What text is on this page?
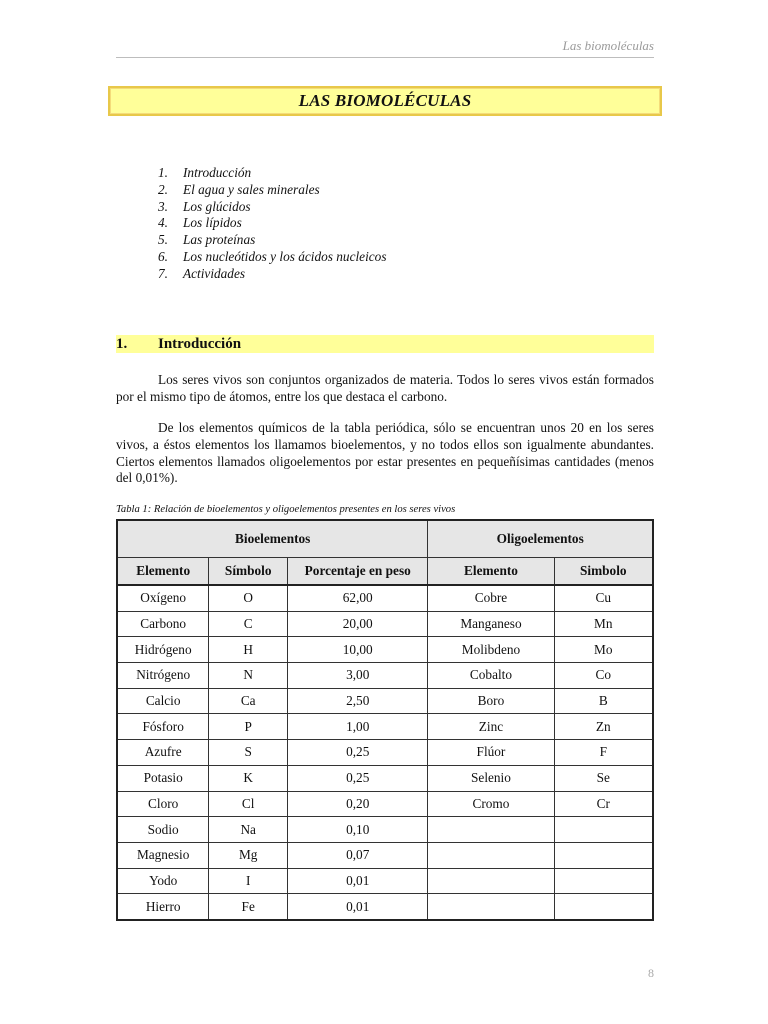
Las biomoléculas
LAS BIOMOLÉCULAS
1.	Introducción
2.	El agua y sales minerales
3.	Los glúcidos
4.	Los lípidos
5.	Las proteínas
6.	Los nucleótidos y los ácidos nucleicos
7.	Actividades
1.	Introducción

Los seres vivos son conjuntos organizados de materia. Todos lo seres vivos están formados por el mismo tipo de átomos, entre los que destaca el carbono.

De los elementos químicos de la tabla periódica, sólo se encuentran unos 20 en los seres vivos, a éstos elementos los llamamos bioelementos, y no todos ellos son igualmente abundantes. Ciertos elementos llamados oligoelementos por estar presentes en pequeñísimas cantidades (menos del 0,01%).

Tabla 1: Relación de bioelementos y oligoelementos presentes en los seres vivos
Bioelementos			Oligoelementos	
Elemento	Símbolo	Porcentaje en peso	Elemento	Simbolo
Oxígeno	O	62,00	Cobre	Cu
Carbono	C	20,00	Manganeso	Mn
Hidrógeno	H	10,00	Molibdeno	Mo
Nitrógeno	N	3,00	Cobalto	Co
Calcio	Ca	2,50	Boro	B
Fósforo	P	1,00	Zinc	Zn
Azufre	S	0,25	Flúor	F
Potasio	K	0,25	Selenio	Se
Cloro	Cl	0,20	Cromo	Cr
Sodio	Na	0,10		
Magnesio	Mg	0,07		
Yodo	I	0,01		
Hierro	Fe	0,01		
8
